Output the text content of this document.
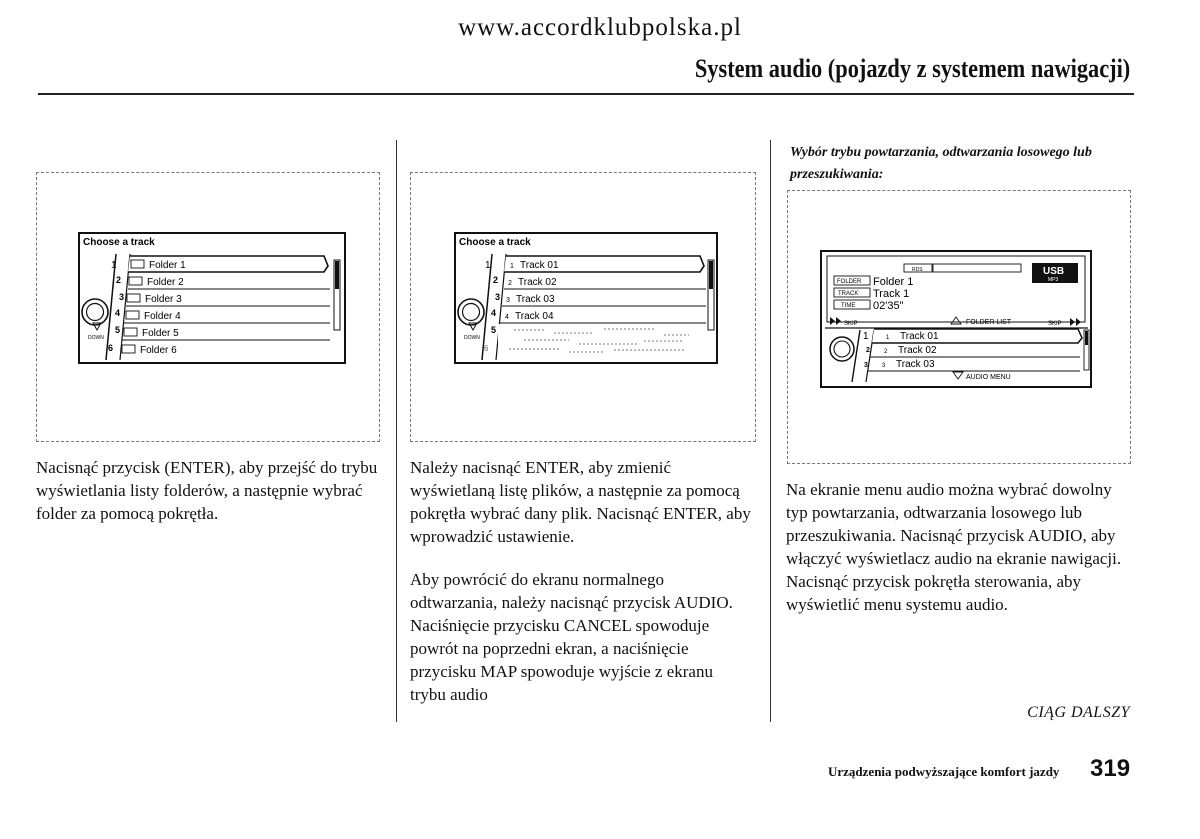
www.accordklubpolska.pl
System audio (pojazdy z systemem nawigacji)
Choose a track
DOWN
1
2
3
4
5
6
Folder 1
Folder 2
Folder 3
Folder 4
Folder 5
Folder 6
Choose a track
DOWN
1
2
3
4
5
6
1
2
3
4
Track 01
Track 02
Track 03
Track 04
RDS	USB
MP3
FOLDER Folder 1
TRACK Track 1
TIME 02'35"
SKIP	FOLDER LIST	SKIP
1
2
3
1
2
3
Track 01
Track 02
Track 03
AUDIO MENU
Nacisnąć przycisk (ENTER), aby przejść do trybu wyświetlania listy folderów, a następnie wybrać folder za pomocą pokrętła.
Należy nacisnąć ENTER, aby zmienić wyświetlaną listę plików, a następnie za pomocą pokrętła wybrać dany plik. Nacisnąć ENTER, aby wprowadzić ustawienie.
Aby powrócić do ekranu normalnego odtwarzania, należy nacisnąć przycisk AUDIO. Naciśnięcie przycisku CANCEL spowoduje powrót na poprzedni ekran, a naciśnięcie przycisku MAP spowoduje wyjście z ekranu trybu audio
Wybór trybu powtarzania, odtwarzania losowego lub przeszukiwania:
Na ekranie menu audio można wybrać dowolny typ powtarzania, odtwarzania losowego lub przeszukiwania. Nacisnąć przycisk AUDIO, aby włączyć wyświetlacz audio na ekranie nawigacji. Nacisnąć przycisk pokrętła sterowania, aby wyświetlić menu systemu audio.
CIĄG DALSZY
Urządzenia podwyższające komfort jazdy 319
